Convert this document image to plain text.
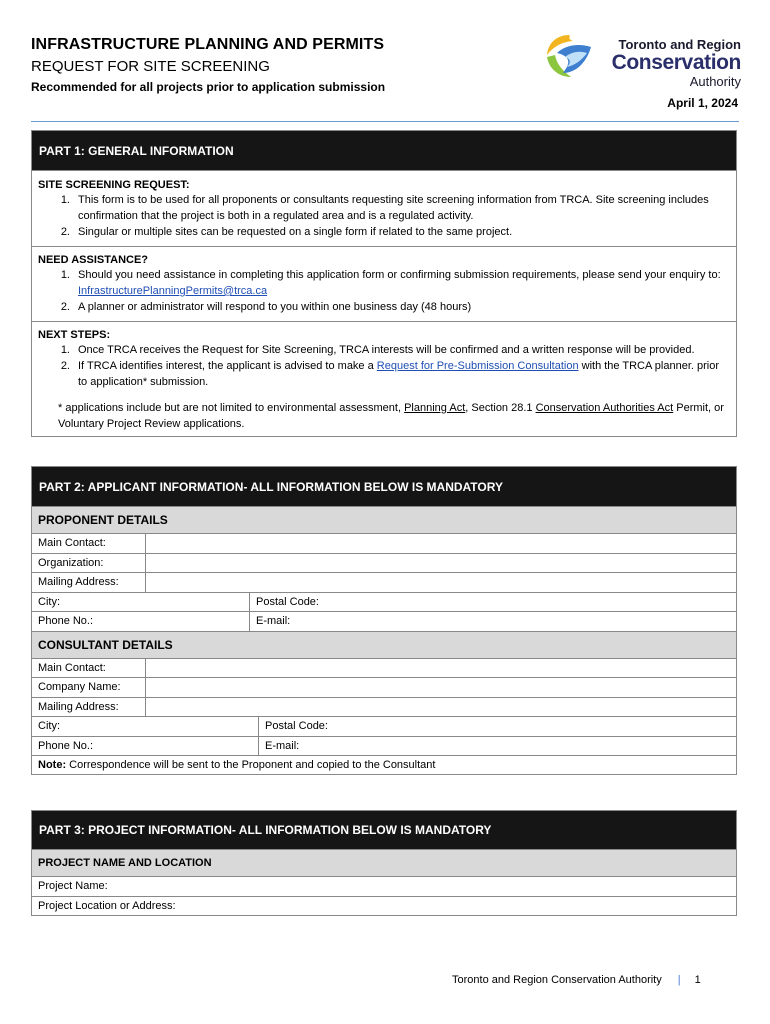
INFRASTRUCTURE PLANNING AND PERMITS
REQUEST FOR SITE SCREENING
Recommended for all projects prior to application submission
April 1, 2024
Toronto and Region
Conservation
Authority
PART 1: GENERAL INFORMATION
SITE SCREENING REQUEST:
1. This form is to be used for all proponents or consultants requesting site screening information from TRCA. Site screening includes confirmation that the project is both in a regulated area and is a regulated activity.
2. Singular or multiple sites can be requested on a single form if related to the same project.
NEED ASSISTANCE?
1. Should you need assistance in completing this application form or confirming submission requirements, please send your enquiry to:  InfrastructurePlanningPermits@trca.ca
2. A planner or administrator will respond to you within one business day (48 hours)
NEXT STEPS:
1. Once TRCA receives the Request for Site Screening, TRCA interests will be confirmed and a written response will be provided.
2. If TRCA identifies interest, the applicant is advised to make a Request for Pre-Submission Consultation with the TRCA planner. prior to application* submission.
* applications include but are not limited to environmental assessment, Planning Act, Section 28.1 Conservation Authorities Act Permit, or Voluntary Project Review applications.
PART 2: APPLICANT INFORMATION - ALL INFORMATION BELOW IS MANDATORY
PROPONENT DETAILS
Main Contact:
Organization:
Mailing Address:
City:	Postal Code:
Phone No.:	E-mail:
CONSULTANT DETAILS
Main Contact:
Company Name:
Mailing Address:
City:	Postal Code:
Phone No.:	E-mail:
Note: Correspondence will be sent to the Proponent and copied to the Consultant
PART 3: PROJECT INFORMATION - ALL INFORMATION BELOW IS MANDATORY
PROJECT NAME AND LOCATION
Project Name:
Project Location or Address:
Toronto and Region Conservation Authority | 1
